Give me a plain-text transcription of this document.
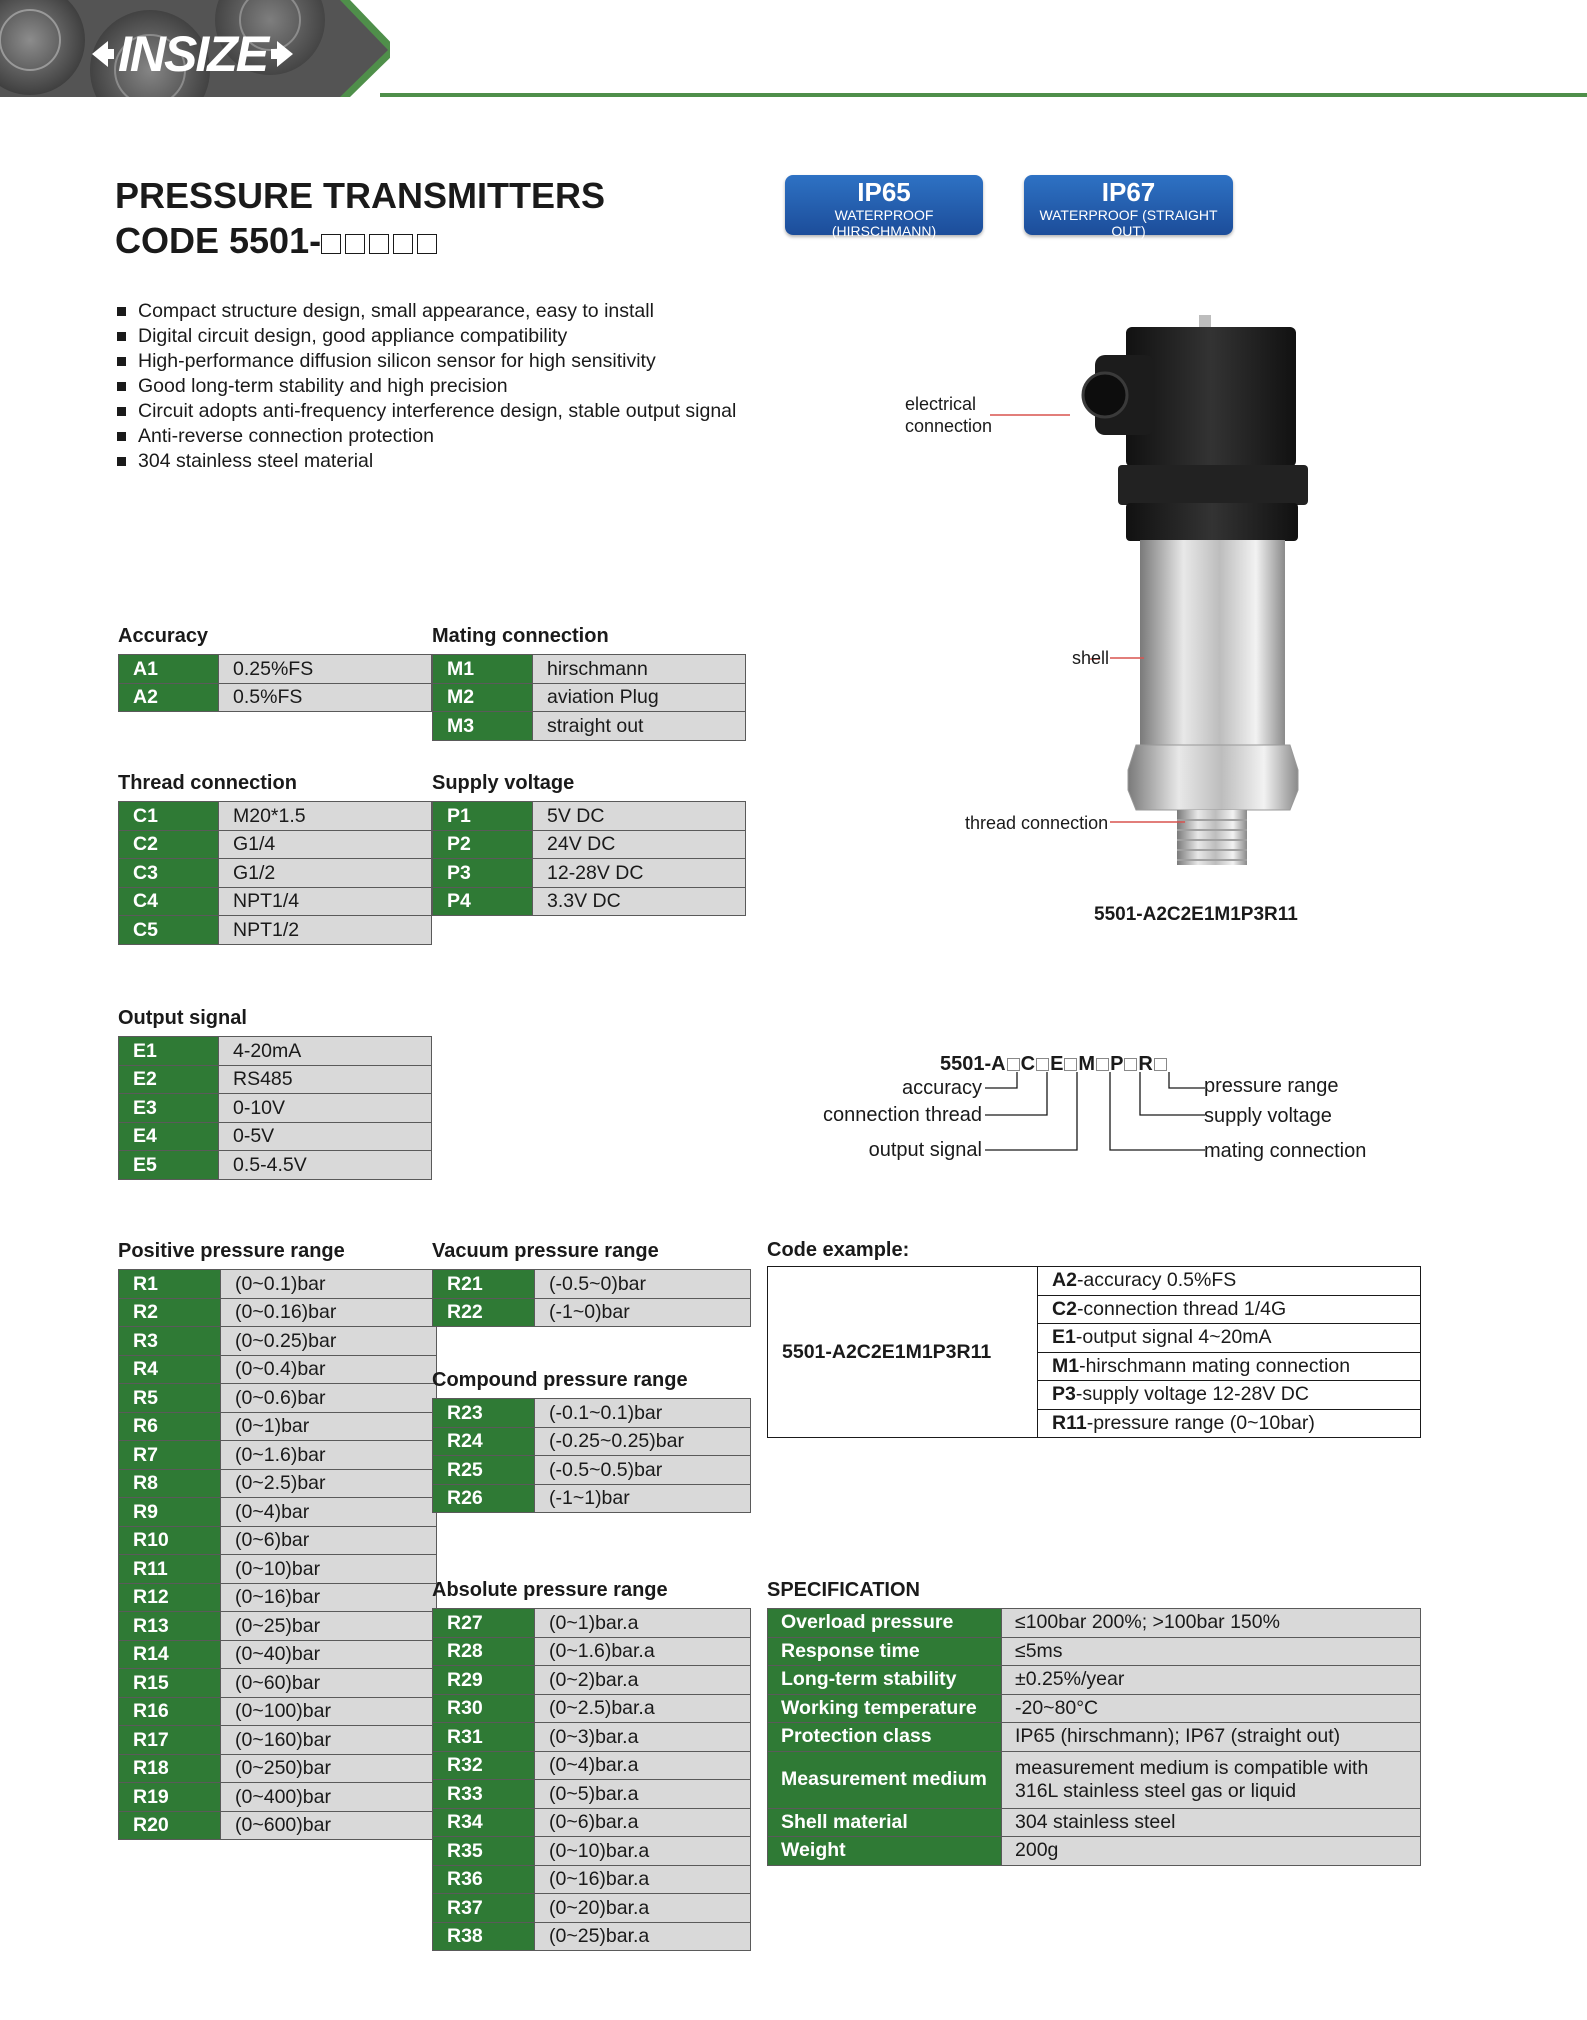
INSIZE
PRESSURE TRANSMITTERS
CODE 5501-
IP65
WATERPROOF (HIRSCHMANN)
IP67
WATERPROOF (STRAIGHT OUT)
Compact structure design, small appearance, easy to install
Digital circuit design, good appliance compatibility
High-performance diffusion silicon sensor for high sensitivity
Good long-term stability and high precision
Circuit adopts anti-frequency interference design, stable output signal
Anti-reverse connection protection
304 stainless steel material
electrical
connection
shell
thread connection
5501-A2C2E1M1P3R11
Accuracy
A1	0.25%FS
A2	0.5%FS
Mating connection
M1	hirschmann
M2	aviation Plug
M3	straight out
Thread connection
C1	M20*1.5
C2	G1/4
C3	G1/2
C4	NPT1/4
C5	NPT1/2
Supply voltage
P1	5V DC
P2	24V DC
P3	12-28V DC
P4	3.3V DC
Output signal
E1	4-20mA
E2	RS485
E3	0-10V
E4	0-5V
E5	0.5-4.5V
Positive pressure range
R1	(0~0.1)bar
R2	(0~0.16)bar
R3	(0~0.25)bar
R4	(0~0.4)bar
R5	(0~0.6)bar
R6	(0~1)bar
R7	(0~1.6)bar
R8	(0~2.5)bar
R9	(0~4)bar
R10	(0~6)bar
R11	(0~10)bar
R12	(0~16)bar
R13	(0~25)bar
R14	(0~40)bar
R15	(0~60)bar
R16	(0~100)bar
R17	(0~160)bar
R18	(0~250)bar
R19	(0~400)bar
R20	(0~600)bar
Vacuum pressure range
R21	(-0.5~0)bar
R22	(-1~0)bar
Compound pressure range
R23	(-0.1~0.1)bar
R24	(-0.25~0.25)bar
R25	(-0.5~0.5)bar
R26	(-1~1)bar
Absolute pressure range
R27	(0~1)bar.a
R28	(0~1.6)bar.a
R29	(0~2)bar.a
R30	(0~2.5)bar.a
R31	(0~3)bar.a
R32	(0~4)bar.a
R33	(0~5)bar.a
R34	(0~6)bar.a
R35	(0~10)bar.a
R36	(0~16)bar.a
R37	(0~20)bar.a
R38	(0~25)bar.a
5501-A C E M P R
accuracy
connection thread
output signal
pressure range
supply voltage
mating connection
Code example:
5501-A2C2E1M1P3R11	A2-accuracy 0.5%FS
C2-connection thread 1/4G
E1-output signal 4~20mA
M1-hirschmann mating connection
P3-supply voltage 12-28V DC
R11-pressure range (0~10bar)
SPECIFICATION
Overload pressure	≤100bar 200%; >100bar 150%
Response time	≤5ms
Long-term stability	±0.25%/year
Working temperature	-20~80°C
Protection class	IP65 (hirschmann); IP67 (straight out)
Measurement medium	measurement medium is compatible with 316L stainless steel gas or liquid
Shell material	304 stainless steel
Weight	200g
